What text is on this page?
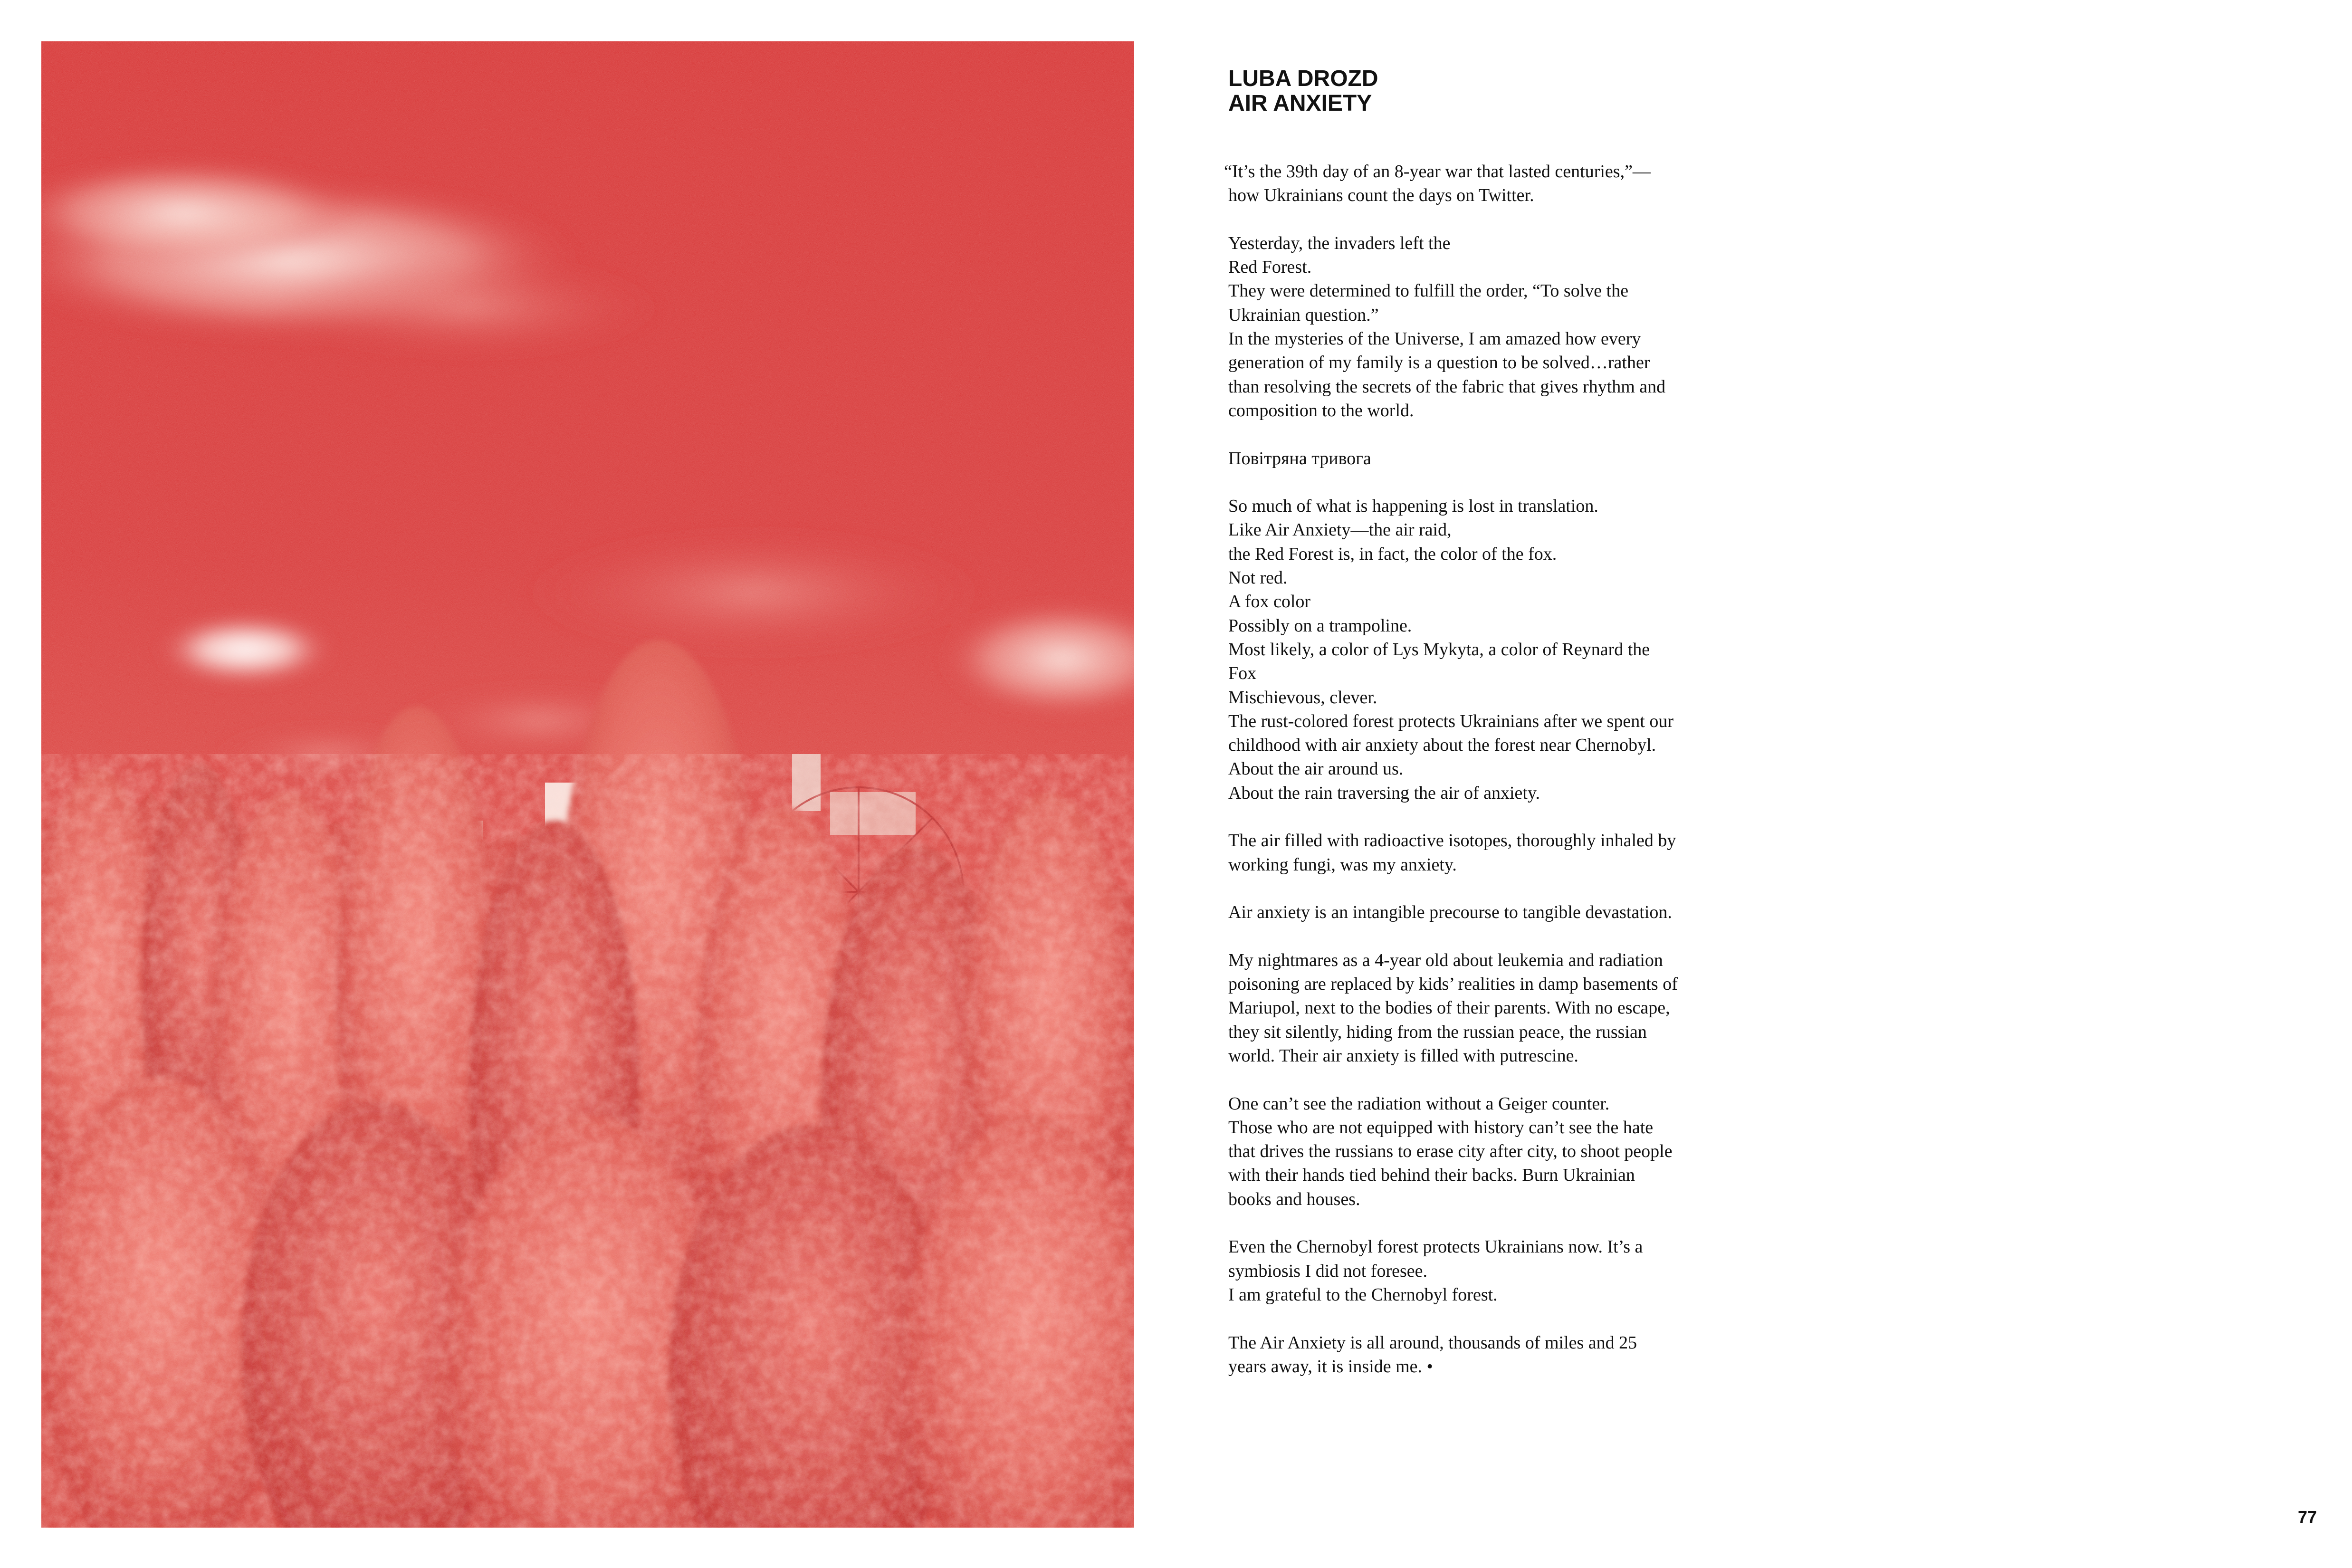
LUBA DROZD
AIR ANXIETY

“It’s the 39th day of an 8-year war that lasted centuries,”—
how Ukrainians count the days on Twitter.

Yesterday, the invaders left the
Red Forest.
They were determined to fulfill the order, “To solve the
Ukrainian question.”
In the mysteries of the Universe, I am amazed how every
generation of my family is a question to be solved…rather
than resolving the secrets of the fabric that gives rhythm and
composition to the world.

Повітряна тривога

So much of what is happening is lost in translation.
Like Air Anxiety—the air raid,
the Red Forest is, in fact, the color of the fox.
Not red.
A fox color
Possibly on a trampoline.
Most likely, a color of Lys Mykyta, a color of Reynard the
Fox
Mischievous, clever.
The rust-colored forest protects Ukrainians after we spent our
childhood with air anxiety about the forest near Chernobyl.
About the air around us.
About the rain traversing the air of anxiety.

The air filled with radioactive isotopes, thoroughly inhaled by
working fungi, was my anxiety.

Air anxiety is an intangible precourse to tangible devastation.

My nightmares as a 4-year old about leukemia and radiation
poisoning are replaced by kids’ realities in damp basements of
Mariupol, next to the bodies of their parents. With no escape,
they sit silently, hiding from the russian peace, the russian
world. Their air anxiety is filled with putrescine.

One can’t see the radiation without a Geiger counter.
Those who are not equipped with history can’t see the hate
that drives the russians to erase city after city, to shoot people
with their hands tied behind their backs. Burn Ukrainian
books and houses.

Even the Chernobyl forest protects Ukrainians now. It’s a
symbiosis I did not foresee.
I am grateful to the Chernobyl forest.

The Air Anxiety is all around, thousands of miles and 25
years away, it is inside me. •

77
